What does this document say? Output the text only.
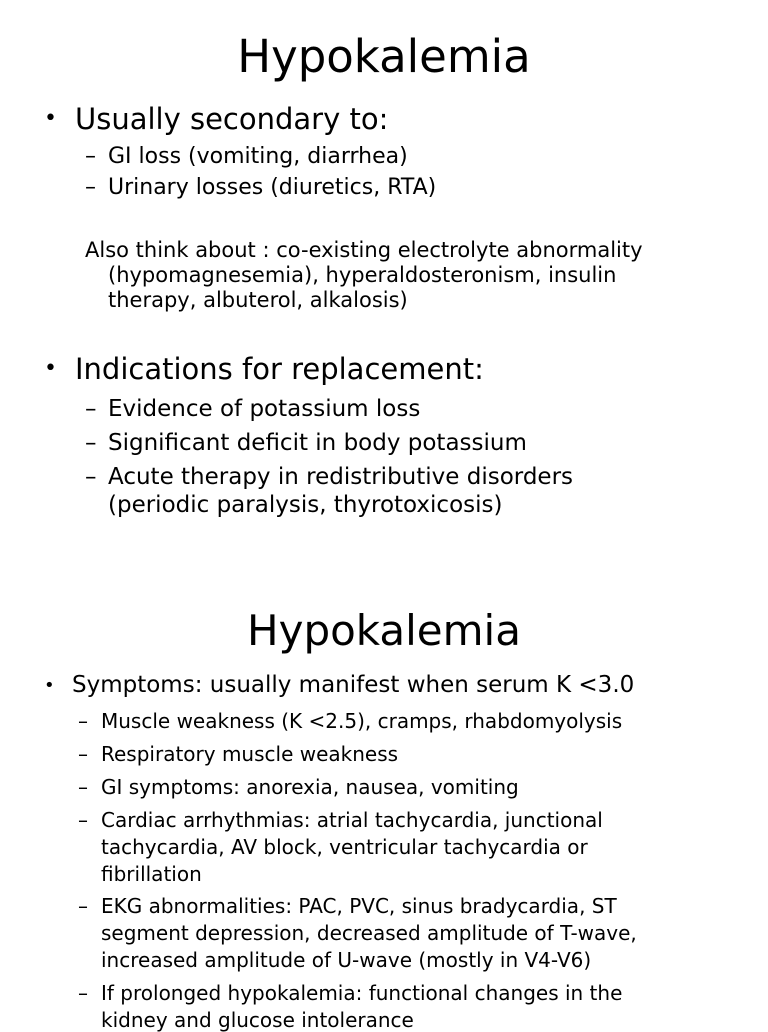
Hypokalemia
• Usually secondary to:
– GI loss (vomiting, diarrhea)
– Urinary losses (diuretics, RTA)
Also think about : co-existing electrolyte abnormality
(hypomagnesemia), hyperaldosteronism, insulin
therapy, albuterol, alkalosis)
• Indications for replacement:
– Evidence of potassium loss
– Significant deficit in body potassium
– Acute therapy in redistributive disorders
(periodic paralysis, thyrotoxicosis)
Hypokalemia
• Symptoms: usually manifest when serum K <3.0
– Muscle weakness (K <2.5), cramps, rhabdomyolysis
– Respiratory muscle weakness
– GI symptoms: anorexia, nausea, vomiting
– Cardiac arrhythmias: atrial tachycardia, junctional
tachycardia, AV block, ventricular tachycardia or
fibrillation
– EKG abnormalities: PAC, PVC, sinus bradycardia, ST
segment depression, decreased amplitude of T-wave,
increased amplitude of U-wave (mostly in V4-V6)
– If prolonged hypokalemia: functional changes in the
kidney and glucose intolerance
